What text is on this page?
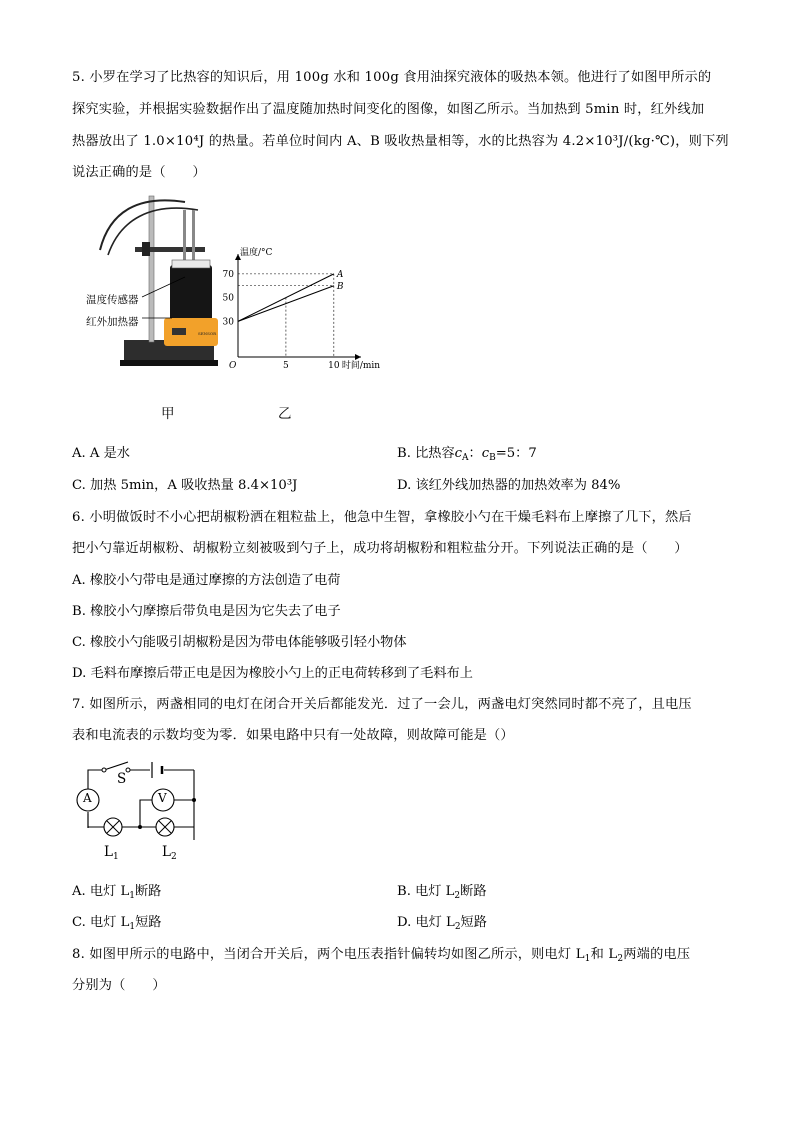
5. 小罗在学习了比热容的知识后，用 100g 水和 100g 食用油探究液体的吸热本领。他进行了如图甲所示的
探究实验，并根据实验数据作出了温度随加热时间变化的图像，如图乙所示。当加热到 5min 时，红外线加
热器放出了 1.0×10⁴J 的热量。若单位时间内 A、B 吸收热量相等，水的比热容为 4.2×10³J/(kg·℃)，则下列
说法正确的是（　　）
SENSOR
温度传感器
红外加热器	30
50
70
5	10
O
温度/°C
时间/min
A
B
甲	乙
A. A 是水	B. 比热容$c_A$：$c_B=5$：7
C. 加热 5min，A 吸收热量 8.4×10³J	D. 该红外线加热器的加热效率为 84%
6. 小明做饭时不小心把胡椒粉洒在粗粒盐上，他急中生智，拿橡胶小勺在干燥毛料布上摩擦了几下，然后
把小勺靠近胡椒粉、胡椒粉立刻被吸到勺子上，成功将胡椒粉和粗粒盐分开。下列说法正确的是（　　）
A. 橡胶小勺带电是通过摩擦的方法创造了电荷
B. 橡胶小勺摩擦后带负电是因为它失去了电子
C. 橡胶小勺能吸引胡椒粉是因为带电体能够吸引轻小物体
D. 毛料布摩擦后带正电是因为橡胶小勺上的正电荷转移到了毛料布上
7. 如图所示，两盏相同的电灯在闭合开关后都能发光．过了一会儿，两盏电灯突然同时都不亮了，且电压
表和电流表的示数均变为零．如果电路中只有一处故障，则故障可能是（）
S
A	V
$L_1$	$L_2$
A. 电灯 $L_1$断路	B. 电灯 $L_2$断路
C. 电灯 $L_1$短路	D. 电灯 $L_2$短路
8. 如图甲所示的电路中，当闭合开关后，两个电压表指针偏转均如图乙所示，则电灯 $L_1$和 $L_2$两端的电压
分别为（　　）
